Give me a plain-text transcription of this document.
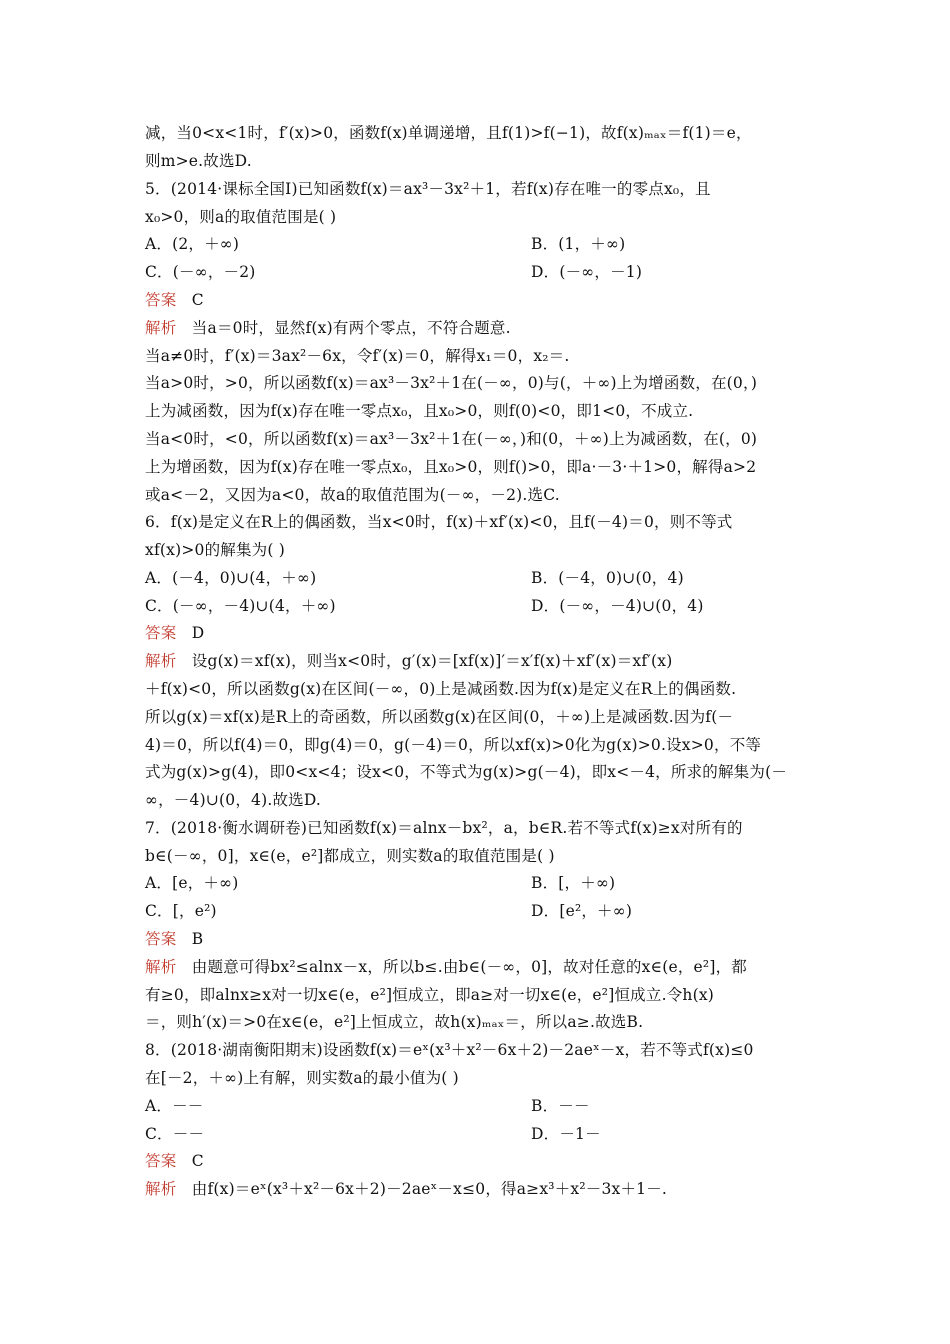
减，当0<x<1时，f′(x)>0，函数f(x)单调递增，且f(1)>f(−1)，故f(x)ₘₐₓ＝f(1)＝e，
则m>e.故选D.
5．(2014·课标全国Ⅰ)已知函数f(x)＝ax³－3x²＋1，若f(x)存在唯一的零点x₀，且
x₀>0，则a的取值范围是( )
A．(2，＋∞)	B．(1，＋∞)
C．(－∞，－2)	D．(－∞，－1)
答案 C
解析 当a＝0时，显然f(x)有两个零点，不符合题意.
当a≠0时，f′(x)＝3ax²－6x，令f′(x)＝0，解得x₁＝0，x₂＝.
当a>0时，>0，所以函数f(x)＝ax³－3x²＋1在(－∞，0)与(，＋∞)上为增函数，在(0，)
上为减函数，因为f(x)存在唯一零点x₀，且x₀>0，则f(0)<0，即1<0，不成立.
当a<0时，<0，所以函数f(x)＝ax³－3x²＋1在(－∞，)和(0，＋∞)上为减函数，在(，0)
上为增函数，因为f(x)存在唯一零点x₀，且x₀>0，则f()>0，即a·－3·＋1>0，解得a>2
或a<－2，又因为a<0，故a的取值范围为(－∞，－2).选C.
6．f(x)是定义在R上的偶函数，当x<0时，f(x)＋xf′(x)<0，且f(－4)＝0，则不等式
xf(x)>0的解集为( )
A．(－4，0)∪(4，＋∞)	B．(－4，0)∪(0，4)
C．(－∞，－4)∪(4，＋∞)	D．(－∞，－4)∪(0，4)
答案 D
解析 设g(x)＝xf(x)，则当x<0时，g′(x)＝[xf(x)]′＝x′f(x)＋xf′(x)＝xf′(x)
＋f(x)<0，所以函数g(x)在区间(－∞，0)上是减函数.因为f(x)是定义在R上的偶函数.
所以g(x)＝xf(x)是R上的奇函数，所以函数g(x)在区间(0，＋∞)上是减函数.因为f(－
4)＝0，所以f(4)＝0，即g(4)＝0，g(－4)＝0，所以xf(x)>0化为g(x)>0.设x>0，不等
式为g(x)>g(4)，即0<x<4；设x<0，不等式为g(x)>g(－4)，即x<－4，所求的解集为(－
∞，－4)∪(0，4).故选D.
7．(2018·衡水调研卷)已知函数f(x)＝alnx－bx²，a，b∈R.若不等式f(x)≥x对所有的
b∈(－∞，0]，x∈(e，e²]都成立，则实数a的取值范围是( )
A．[e，＋∞)	B．[，＋∞)
C．[，e²)	D．[e²，＋∞)
答案 B
解析 由题意可得bx²≤alnx－x，所以b≤.由b∈(－∞，0]，故对任意的x∈(e，e²]，都
有≥0，即alnx≥x对一切x∈(e，e²]恒成立，即a≥对一切x∈(e，e²]恒成立.令h(x)
＝，则h′(x)＝>0在x∈(e，e²]上恒成立，故h(x)ₘₐₓ＝，所以a≥.故选B.
8．(2018·湖南衡阳期末)设函数f(x)＝eˣ(x³＋x²－6x＋2)－2aeˣ－x，若不等式f(x)≤0
在[－2，＋∞)上有解，则实数a的最小值为( )
A．－－	B．－－
C．－－	D．－1－
答案 C
解析 由f(x)＝eˣ(x³＋x²－6x＋2)－2aeˣ－x≤0，得a≥x³＋x²－3x＋1－.
